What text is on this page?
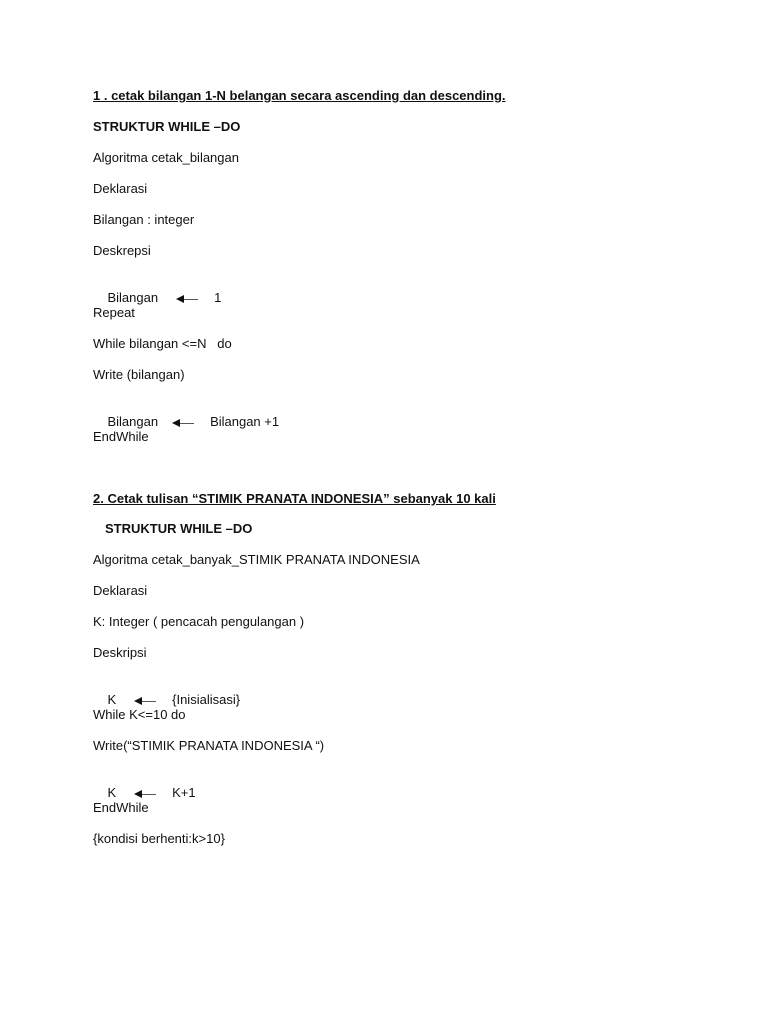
1 . cetak bilangan 1-N belangan secara ascending dan descending.
STRUKTUR WHILE –DO
Algoritma cetak_bilangan
Deklarasi
Bilangan : integer
Deskrepsi

Bilangan	1

Repeat
While bilangan <=N   do
Write (bilangan)

Bilangan	Bilangan +1

EndWhile
2. Cetak tulisan “STIMIK PRANATA INDONESIA” sebanyak 10 kali
STRUKTUR WHILE –DO
Algoritma cetak_banyak_STIMIK PRANATA INDONESIA
Deklarasi
K: Integer ( pencacah pengulangan )
Deskripsi

K	{Inisialisasi}

While K<=10 do
Write(“STIMIK PRANATA INDONESIA “)

K	K+1

EndWhile
{kondisi berhenti:k>10}
